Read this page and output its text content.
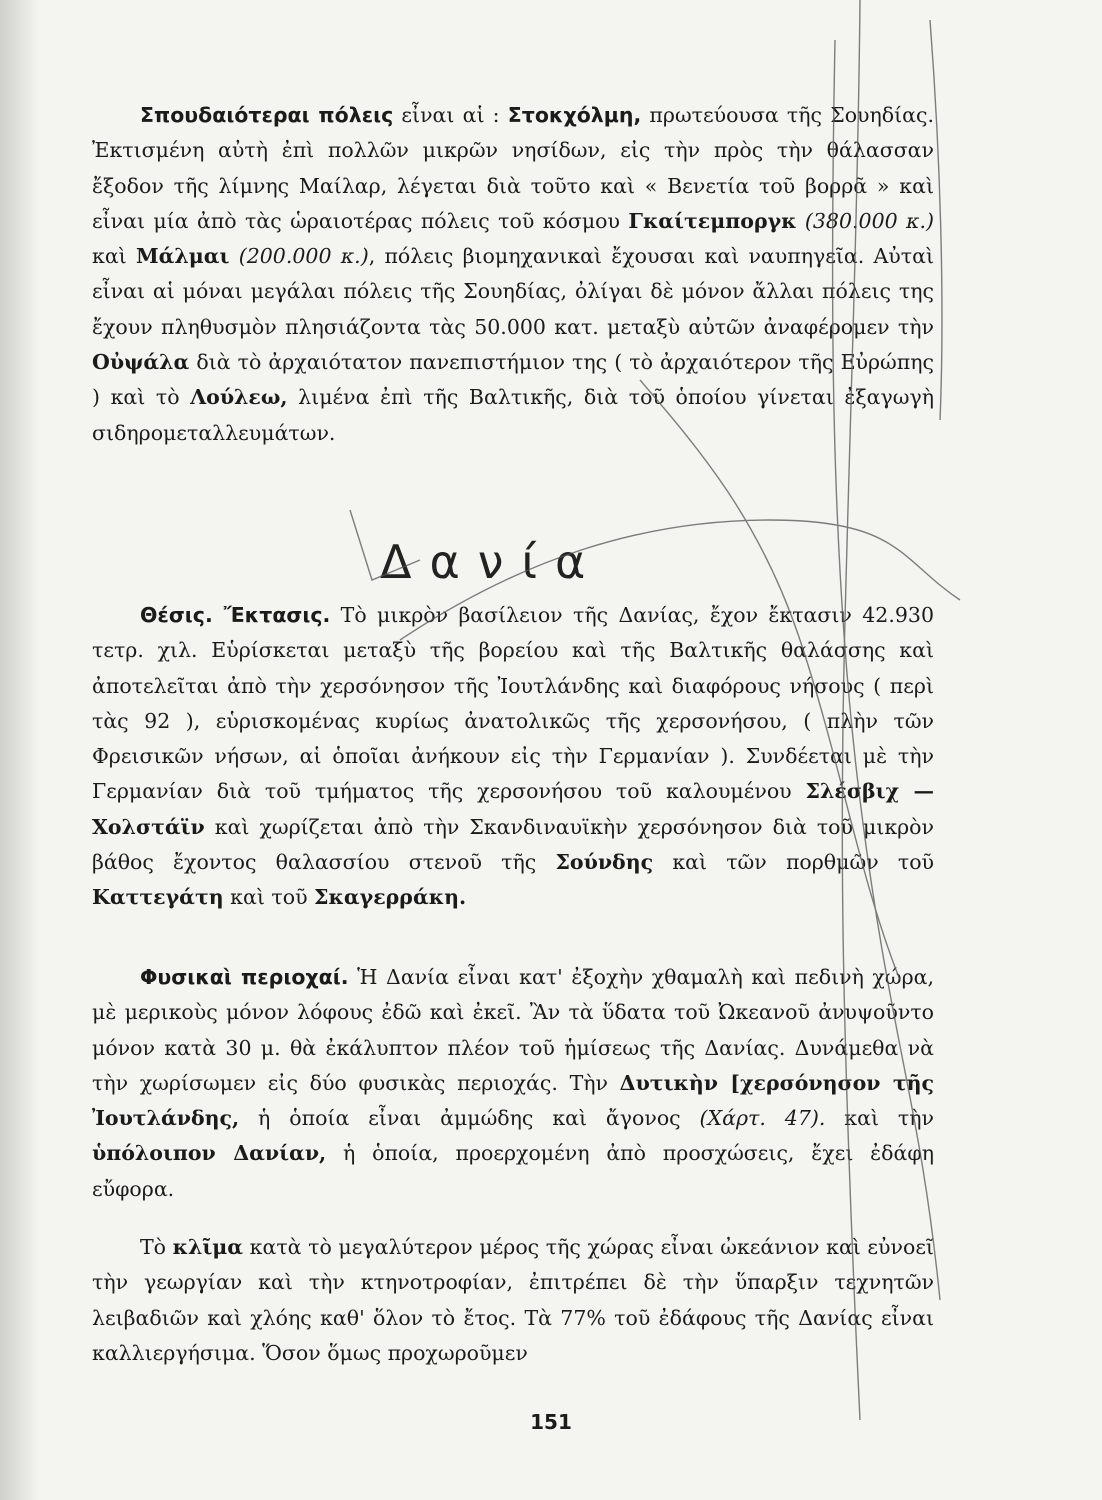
Σπουδαιότεραι πόλεις εἶναι αἱ : Στοκχόλμη, πρωτεύουσα τῆς Σουηδίας. Ἐκτισμένη αὐτὴ ἐπὶ πολλῶν μικρῶν νησίδων, εἰς τὴν πρὸς τὴν θάλασσαν ἔξοδον τῆς λίμνης Μαίλαρ, λέγεται διὰ τοῦτο καὶ « Βενετία τοῦ βορρᾶ » καὶ εἶναι μία ἀπὸ τὰς ὡραιοτέρας πόλεις τοῦ κόσμου Γκαίτεμποργκ (380.000 κ.) καὶ Μάλμαι (200.000 κ.), πόλεις βιομηχανικαὶ ἔχουσαι καὶ ναυπηγεῖα. Αὐταὶ εἶναι αἱ μόναι μεγάλαι πόλεις τῆς Σουηδίας, ὀλίγαι δὲ μόνον ἄλλαι πόλεις της ἔχουν πληθυσμὸν πλησιάζοντα τὰς 50.000 κατ. μεταξὺ αὐτῶν ἀναφέρομεν τὴν Οὐψάλα διὰ τὸ ἀρχαιότατον πανεπιστήμιον της ( τὸ ἀρχαιότερον τῆς Εὐρώπης ) καὶ τὸ Λούλεω, λιμένα ἐπὶ τῆς Βαλτικῆς, διὰ τοῦ ὁποίου γίνεται ἐξαγωγὴ σιδηρομεταλλευμάτων.

Δανία

Θέσις. Ἔκτασις. Τὸ μικρὸν βασίλειον τῆς Δανίας, ἔχον ἔκτασιν 42.930 τετρ. χιλ. Εὑρίσκεται μεταξὺ τῆς βορείου καὶ τῆς Βαλτικῆς θαλάσσης καὶ ἀποτελεῖται ἀπὸ τὴν χερσόνησον τῆς Ἰουτλάνδης καὶ διαφόρους νήσους ( περὶ τὰς 92 ), εὑρισκομένας κυρίως ἀνατολικῶς τῆς χερσονήσου, ( πλὴν τῶν Φρεισικῶν νήσων, αἱ ὁποῖαι ἀνήκουν εἰς τὴν Γερμανίαν ). Συνδέεται μὲ τὴν Γερμανίαν διὰ τοῦ τμήματος τῆς χερσονήσου τοῦ καλουμένου Σλέσβιχ — Χολστάϊν καὶ χωρίζεται ἀπὸ τὴν Σκανδιναυϊκὴν χερσόνησον διὰ τοῦ μικρὸν βάθος ἔχοντος θαλασσίου στενοῦ τῆς Σούνδης καὶ τῶν πορθμῶν τοῦ Καττεγάτη καὶ τοῦ Σκαγερράκη.

Φυσικαὶ περιοχαί. Ἡ Δανία εἶναι κατ' ἐξοχὴν χθαμαλὴ καὶ πεδινὴ χώρα, μὲ μερικοὺς μόνον λόφους ἐδῶ καὶ ἐκεῖ. Ἂν τὰ ὕδατα τοῦ Ὠκεανοῦ ἀνυψοῦντο μόνον κατὰ 30 μ. θὰ ἐκάλυπτον πλέον τοῦ ἡμίσεως τῆς Δανίας. Δυνάμεθα νὰ τὴν χωρίσωμεν εἰς δύο φυσικὰς περιοχάς. Τὴν Δυτικὴν [χερσόνησον τῆς Ἰουτλάνδης, ἡ ὁποία εἶναι ἀμμώδης καὶ ἄγονος (Χάρτ. 47). καὶ τὴν ὑπόλοιπον Δανίαν, ἡ ὁποία, προερχομένη ἀπὸ προσχώσεις, ἔχει ἐδάφη εὔφορα.

Τὸ κλῖμα κατὰ τὸ μεγαλύτερον μέρος τῆς χώρας εἶναι ὠκεάνιον καὶ εὐνοεῖ τὴν γεωργίαν καὶ τὴν κτηνοτροφίαν, ἐπιτρέπει δὲ τὴν ὕπαρξιν τεχνητῶν λειβαδιῶν καὶ χλόης καθ' ὅλον τὸ ἔτος. Τὰ 77% τοῦ ἐδάφους τῆς Δανίας εἶναι καλλιεργήσιμα. Ὅσον ὅμως προχωροῦμεν

151
